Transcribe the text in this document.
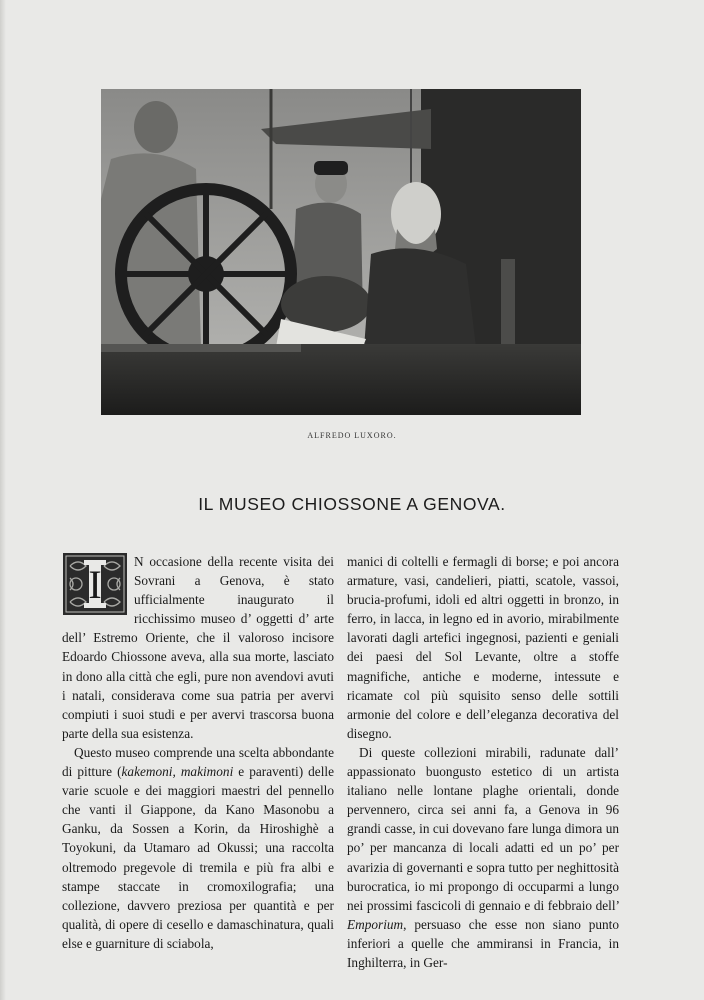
ALFREDO LUXORO.
IL MUSEO CHIOSSONE A GENOVA.
I

N occasione della recente visita dei Sovrani a Genova, è stato ufficialmente inaugurato il ricchissimo museo d’ oggetti d’ arte dell’ Estremo Oriente, che il valoroso incisore Edoardo Chiossone aveva, alla sua morte, lasciato in dono alla città che egli, pure non avendovi avuti i natali, considerava come sua patria per avervi compiuti i suoi studi e per avervi trascorsa buona parte della sua esistenza.

Questo museo comprende una scelta abbondante di pitture (kakemoni, makimoni e paraventi) delle varie scuole e dei maggiori maestri del pennello che vanti il Giappone, da Kano Masonobu a Ganku, da Sossen a Korin, da Hiroshighè a Toyokuni, da Utamaro ad Okussi; una raccolta oltremodo pregevole di tremila e più fra albi e stampe staccate in cromoxilografia; una collezione, davvero preziosa per quantità e per qualità, di opere di cesello e damaschinatura, quali else e guarniture di sciabola,

manici di coltelli e fermagli di borse; e poi ancora armature, vasi, candelieri, piatti, scatole, vassoi, brucia-profumi, idoli ed altri oggetti in bronzo, in ferro, in lacca, in legno ed in avorio, mirabilmente lavorati dagli artefici ingegnosi, pazienti e geniali dei paesi del Sol Levante, oltre a stoffe magnifiche, antiche e moderne, intessute e ricamate col più squisito senso delle sottili armonie del colore e dell’eleganza decorativa del disegno.

Di queste collezioni mirabili, radunate dall’ appassionato buongusto estetico di un artista italiano nelle lontane plaghe orientali, donde pervennero, circa sei anni fa, a Genova in 96 grandi casse, in cui dovevano fare lunga dimora un po’ per mancanza di locali adatti ed un po’ per avarizia di governanti e sopra tutto per neghittosità burocratica, io mi propongo di occuparmi a lungo nei prossimi fascicoli di gennaio e di febbraio dell’ Emporium, persuaso che esse non siano punto inferiori a quelle che ammiransi in Francia, in Inghilterra, in Ger-
